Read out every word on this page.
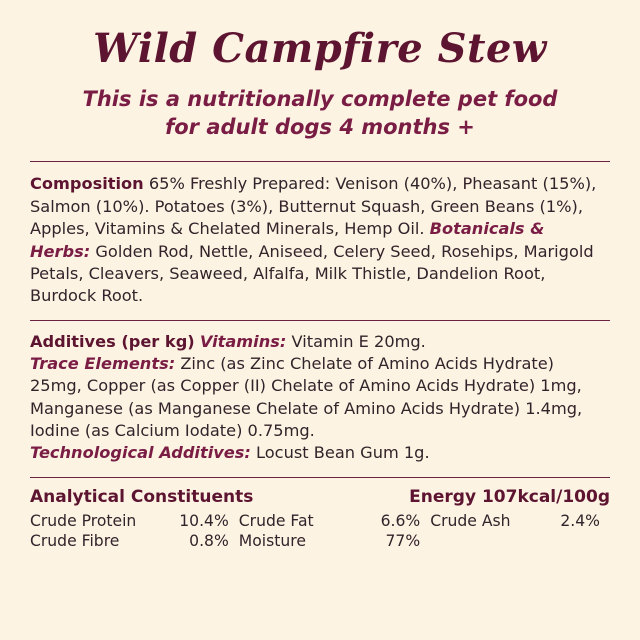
Wild Campfire Stew
This is a nutritionally complete pet food
for adult dogs 4 months +

Composition 65% Freshly Prepared: Venison (40%), Pheasant (15%), Salmon (10%). Potatoes (3%), Butternut Squash, Green Beans (1%), Apples, Vitamins & Chelated Minerals, Hemp Oil. Botanicals & Herbs: Golden Rod, Nettle, Aniseed, Celery Seed, Rosehips, Marigold Petals, Cleavers, Seaweed, Alfalfa, Milk Thistle, Dandelion Root, Burdock Root.

Additives (per kg) Vitamins: Vitamin E 20mg.

Trace Elements: Zinc (as Zinc Chelate of Amino Acids Hydrate) 25mg, Copper (as Copper (II) Chelate of Amino Acids Hydrate) 1mg, Manganese (as Manganese Chelate of Amino Acids Hydrate) 1.4mg, Iodine (as Calcium Iodate) 0.75mg.

Technological Additives: Locust Bean Gum 1g.

Analytical Constituents	Energy 107kcal/100g
Crude Protein 10.4%	Crude Fat 6.6%	Crude Ash 2.4%

Crude Fibre 0.8%	Moisture 77%	
